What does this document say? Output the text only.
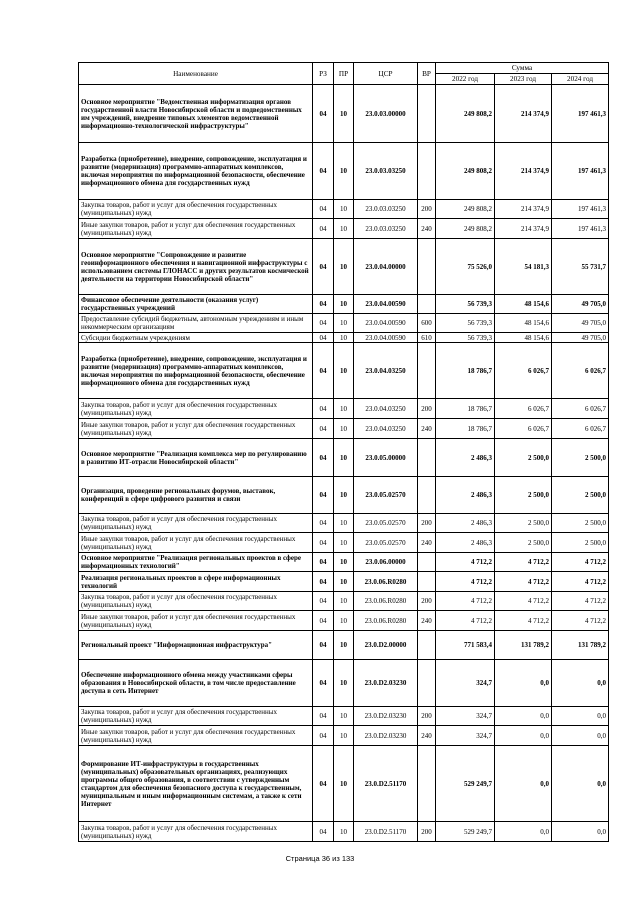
Наименование	РЗ	ПР	ЦСР	ВР	Сумма		
					2022 год	2023 год	2024 год
Основное мероприятие "Ведомственная информатизация органов государственной власти Новосибирской области и подведомственных им учреждений, внедрение типовых элементов ведомственной информационно-технологической инфраструктуры"	04	10	23.0.03.00000		249 808,2	214 374,9	197 461,3
Разработка (приобретение), внедрение, сопровождение, эксплуатация и развитие (модернизация) программно-аппаратных комплексов, включая мероприятия по информационной безопасности, обеспечение информационного обмена для государственных нужд	04	10	23.0.03.03250		249 808,2	214 374,9	197 461,3
Закупка товаров, работ и услуг для обеспечения государственных (муниципальных) нужд	04	10	23.0.03.03250	200	249 808,2	214 374,9	197 461,3
Иные закупки товаров, работ и услуг для обеспечения государственных (муниципальных) нужд	04	10	23.0.03.03250	240	249 808,2	214 374,9	197 461,3
Основное мероприятие "Сопровождение и развитие геоинформационного обеспечения и навигационной инфраструктуры с использованием системы ГЛОНАСС и других результатов космической деятельности на территории Новосибирской области"	04	10	23.0.04.00000		75 526,0	54 181,3	55 731,7
Финансовое обеспечение деятельности (оказания услуг) государственных учреждений	04	10	23.0.04.00590		56 739,3	48 154,6	49 705,0
Предоставление субсидий бюджетным, автономным учреждениям и иным некоммерческим организациям	04	10	23.0.04.00590	600	56 739,3	48 154,6	49 705,0
Субсидии бюджетным учреждениям	04	10	23.0.04.00590	610	56 739,3	48 154,6	49 705,0
Разработка (приобретение), внедрение, сопровождение, эксплуатация и развитие (модернизация) программно-аппаратных комплексов, включая мероприятия по информационной безопасности, обеспечение информационного обмена для государственных нужд	04	10	23.0.04.03250		18 786,7	6 026,7	6 026,7
Закупка товаров, работ и услуг для обеспечения государственных (муниципальных) нужд	04	10	23.0.04.03250	200	18 786,7	6 026,7	6 026,7
Иные закупки товаров, работ и услуг для обеспечения государственных (муниципальных) нужд	04	10	23.0.04.03250	240	18 786,7	6 026,7	6 026,7
Основное мероприятие "Реализация комплекса мер по регулированию в развитию ИТ-отрасли Новосибирской области"	04	10	23.0.05.00000		2 486,3	2 500,0	2 500,0
Организация, проведение региональных форумов, выставок, конференций в сфере цифрового развития и связи	04	10	23.0.05.02570		2 486,3	2 500,0	2 500,0
Закупка товаров, работ и услуг для обеспечения государственных (муниципальных) нужд	04	10	23.0.05.02570	200	2 486,3	2 500,0	2 500,0
Иные закупки товаров, работ и услуг для обеспечения государственных (муниципальных) нужд	04	10	23.0.05.02570	240	2 486,3	2 500,0	2 500,0
Основное мероприятие "Реализация региональных проектов в сфере информационных технологий"	04	10	23.0.06.00000		4 712,2	4 712,2	4 712,2
Реализация региональных проектов в сфере информационных технологий	04	10	23.0.06.R0280		4 712,2	4 712,2	4 712,2
Закупка товаров, работ и услуг для обеспечения государственных (муниципальных) нужд	04	10	23.0.06.R0280	200	4 712,2	4 712,2	4 712,2
Иные закупки товаров, работ и услуг для обеспечения государственных (муниципальных) нужд	04	10	23.0.06.R0280	240	4 712,2	4 712,2	4 712,2
Региональный проект "Информационная инфраструктура"	04	10	23.0.D2.00000		771 583,4	131 789,2	131 789,2
Обеспечение информационного обмена между участниками сферы образования в Новосибирской области, в том числе предоставление доступа в сеть Интернет	04	10	23.0.D2.03230		324,7	0,0	0,0
Закупка товаров, работ и услуг для обеспечения государственных (муниципальных) нужд	04	10	23.0.D2.03230	200	324,7	0,0	0,0
Иные закупки товаров, работ и услуг для обеспечения государственных (муниципальных) нужд	04	10	23.0.D2.03230	240	324,7	0,0	0,0
Формирование ИТ-инфраструктуры в государственных (муниципальных) образовательных организациях, реализующих программы общего образования, в соответствии с утвержденным стандартом для обеспечения безопасного доступа к государственным, муниципальным и иным информационным системам, а также к сети Интернет	04	10	23.0.D2.51170		529 249,7	0,0	0,0
Закупка товаров, работ и услуг для обеспечения государственных (муниципальных) нужд	04	10	23.0.D2.51170	200	529 249,7	0,0	0,0
Страница 36 из 133
